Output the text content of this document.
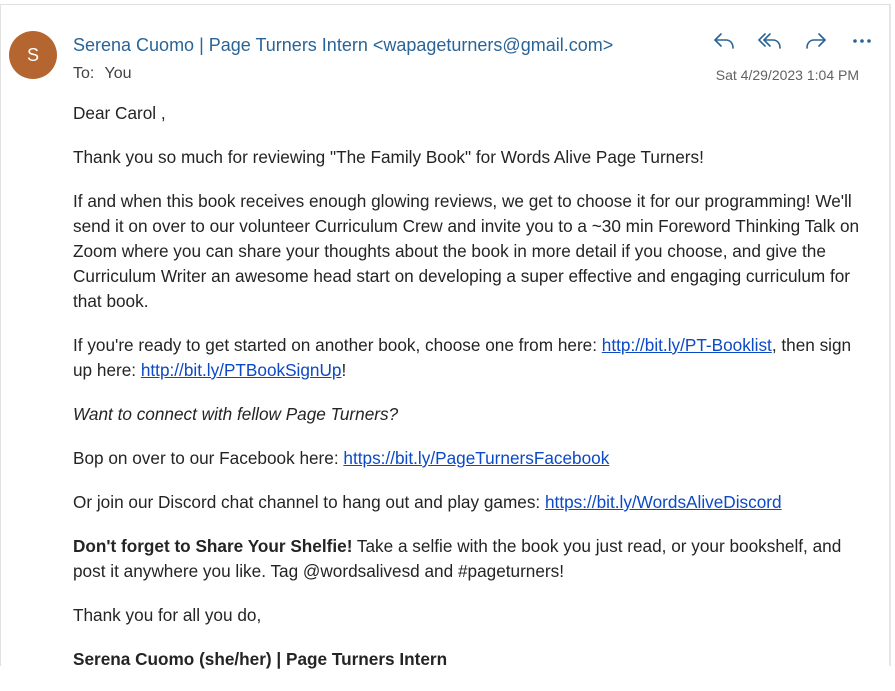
S Serena Cuomo | Page Turners Intern <wapageturners@gmail.com>
To: You	Sat 4/29/2023 1:04 PM

Dear Carol ,

Thank you so much for reviewing "The Family Book" for Words Alive Page Turners!

If and when this book receives enough glowing reviews, we get to choose it for our programming! We'll send it on over to our volunteer Curriculum Crew and invite you to a ~30 min Foreword Thinking Talk on Zoom where you can share your thoughts about the book in more detail if you choose, and give the Curriculum Writer an awesome head start on developing a super effective and engaging curriculum for that book.

If you're ready to get started on another book, choose one from here: http://bit.ly/PT-Booklist, then sign up here: http://bit.ly/PTBookSignUp!

Want to connect with fellow Page Turners?

Bop on over to our Facebook here: https://bit.ly/PageTurnersFacebook

Or join our Discord chat channel to hang out and play games: https://bit.ly/WordsAliveDiscord

Don't forget to Share Your Shelfie! Take a selfie with the book you just read, or your bookshelf, and post it anywhere you like. Tag @wordsalivesd and #pageturners!

Thank you for all you do,

Serena Cuomo (she/her) | Page Turners Intern
